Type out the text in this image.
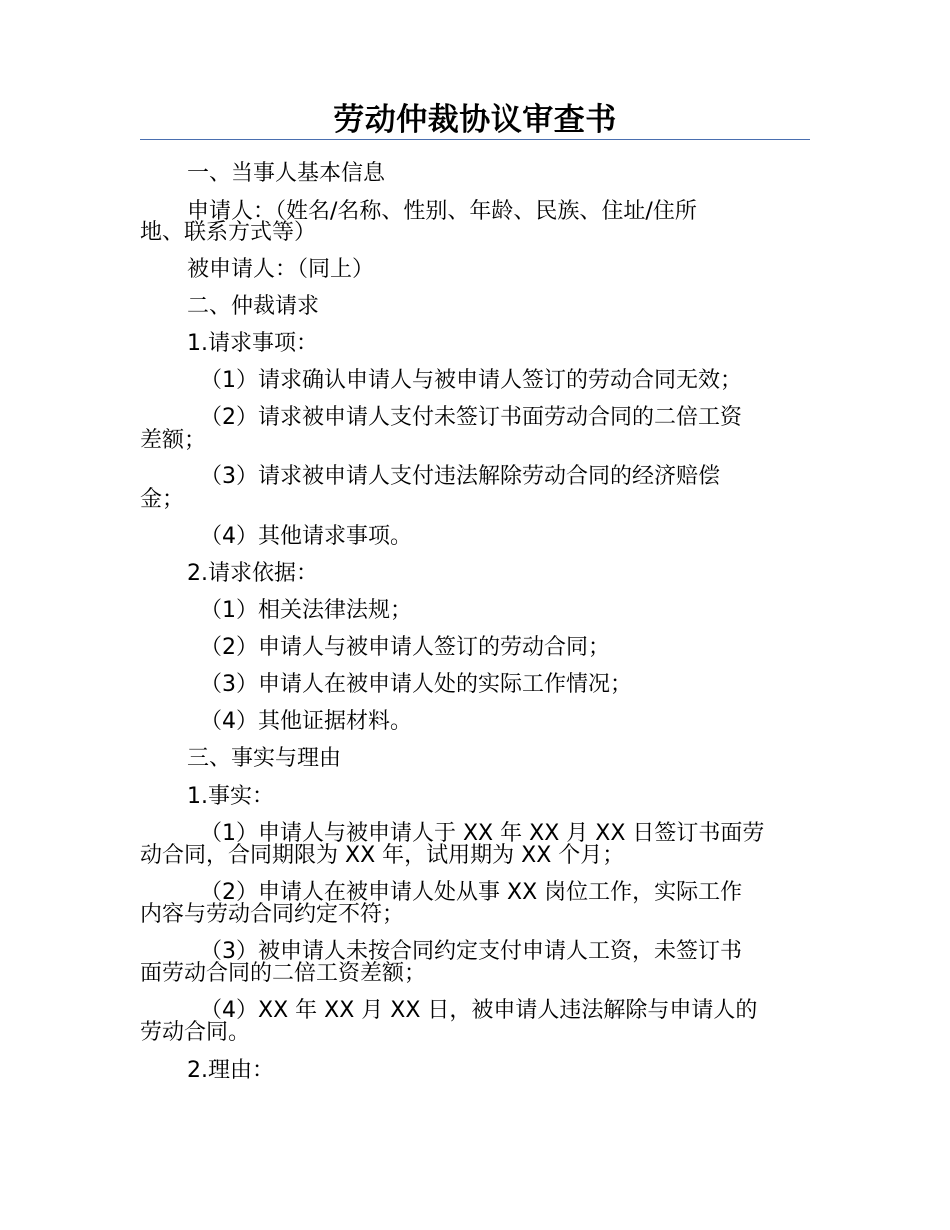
劳动仲裁协议审查书
一、当事人基本信息
申请人：（姓名/名称、性别、年龄、民族、住址/住所
地、联系方式等）
被申请人：（同上）
二、仲裁请求
1.请求事项：
（1）请求确认申请人与被申请人签订的劳动合同无效；
（2）请求被申请人支付未签订书面劳动合同的二倍工资
差额；
（3）请求被申请人支付违法解除劳动合同的经济赔偿
金；
（4）其他请求事项。
2.请求依据：
（1）相关法律法规；
（2）申请人与被申请人签订的劳动合同；
（3）申请人在被申请人处的实际工作情况；
（4）其他证据材料。
三、事实与理由
1.事实：
（1）申请人与被申请人于 XX 年 XX 月 XX 日签订书面劳
动合同，合同期限为 XX 年，试用期为 XX 个月；
（2）申请人在被申请人处从事 XX 岗位工作，实际工作
内容与劳动合同约定不符；
（3）被申请人未按合同约定支付申请人工资，未签订书
面劳动合同的二倍工资差额；
（4）XX 年 XX 月 XX 日，被申请人违法解除与申请人的
劳动合同。
2.理由：
